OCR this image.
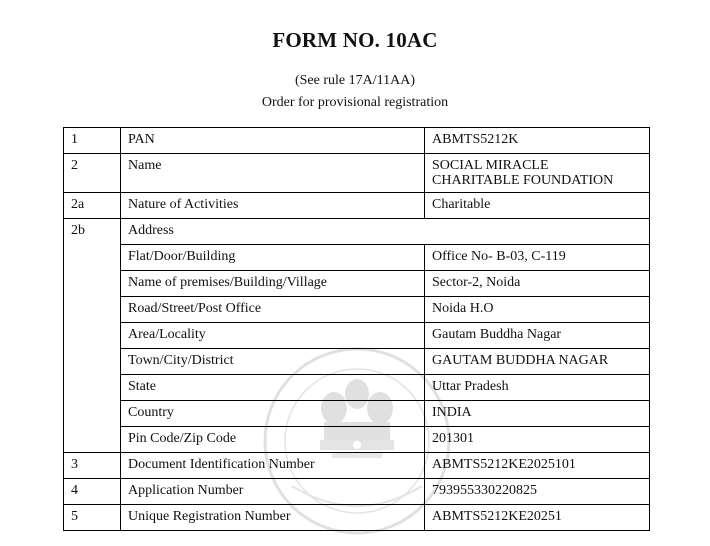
FORM NO. 10AC
(See rule 17A/11AA)
Order for provisional registration
1	PAN	ABMTS5212K
2	Name	SOCIAL MIRACLE
CHARITABLE FOUNDATION

2a	Nature of Activities	Charitable
2b	Address	
	Flat/Door/Building	Office No- B-03, C-119
	Name of premises/Building/Village	Sector-2, Noida
	Road/Street/Post Office	Noida H.O
	Area/Locality	Gautam Buddha Nagar
	Town/City/District	GAUTAM BUDDHA NAGAR
	State	Uttar Pradesh
	Country	INDIA
	Pin Code/Zip Code	201301
3	Document Identification Number	ABMTS5212KE2025101
4	Application Number	793955330220825
5	Unique Registration Number	ABMTS5212KE20251
